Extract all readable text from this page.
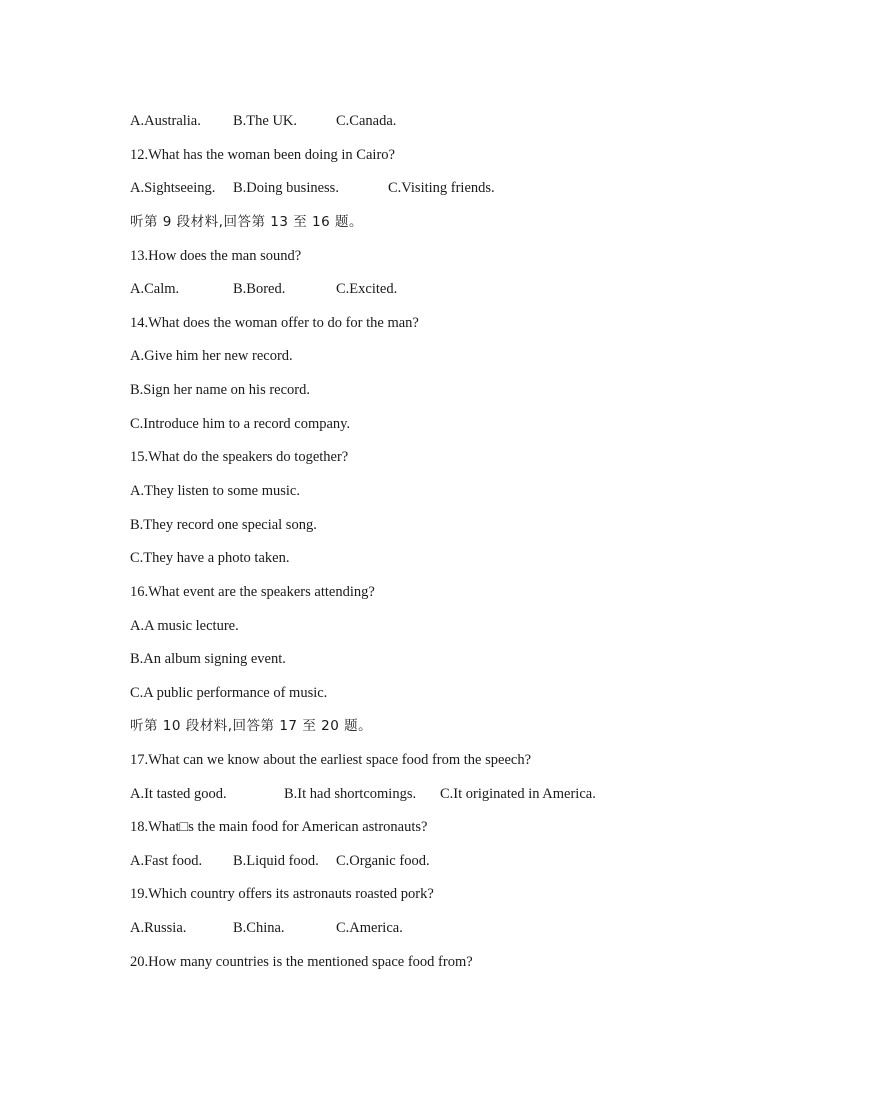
A.Australia. B.The UK.	C.Canada.
12.What has the woman been doing in Cairo?
A.Sightseeing. B.Doing business.	C.Visiting friends.
听第 9 段材料,回答第 13 至 16 题。
13.How does the man sound?
A.Calm.	B.Bored.	C.Excited.
14.What does the woman offer to do for the man?
A.Give him her new record.
B.Sign her name on his record.
C.Introduce him to a record company.
15.What do the speakers do together?
A.They listen to some music.
B.They record one special song.
C.They have a photo taken.
16.What event are the speakers attending?
A.A music lecture.
B.An album signing event.
C.A public performance of music.
听第 10 段材料,回答第 17 至 20 题。
17.What can we know about the earliest space food from the speech?
A.It tasted good.	B.It had shortcomings. C.It originated in America.
18.What□s the main food for American astronauts?
A.Fast food. B.Liquid food. C.Organic food.
19.Which country offers its astronauts roasted pork?
A.Russia.	B.China.	C.America.
20.How many countries is the mentioned space food from?
